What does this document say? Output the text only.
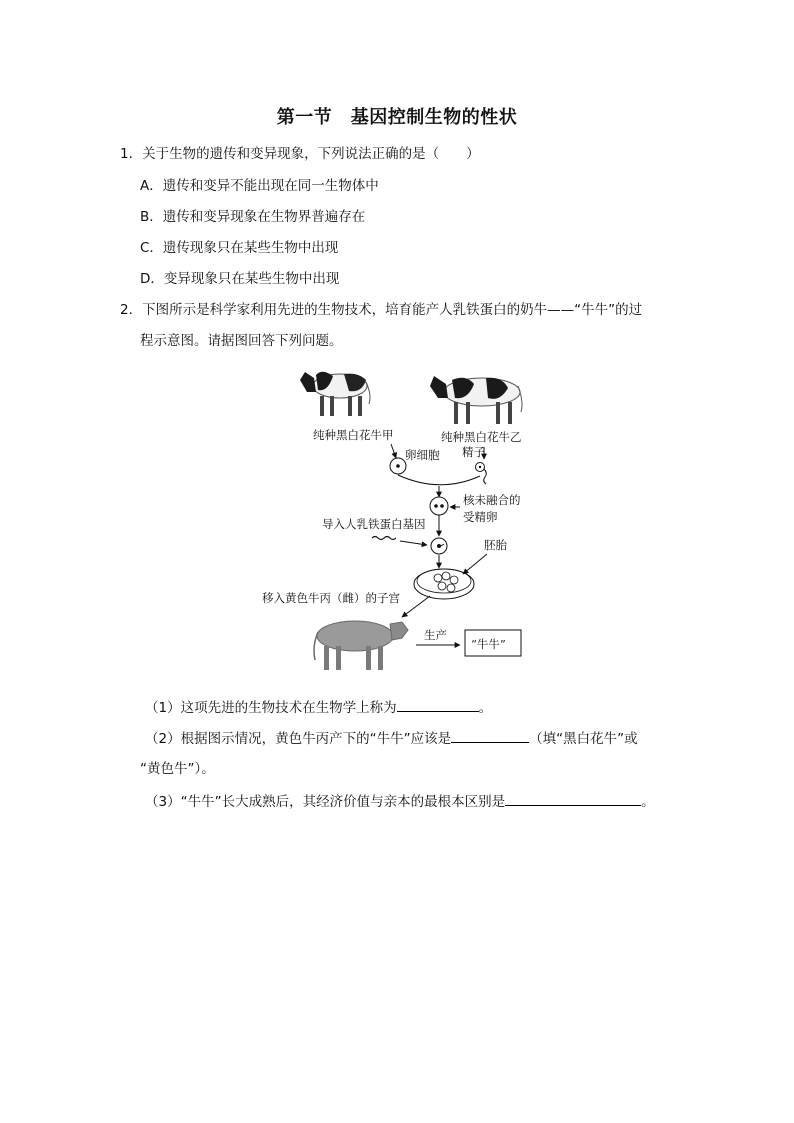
第一节　基因控制生物的性状
1．关于生物的遗传和变异现象，下列说法正确的是（　　）
A．遗传和变异不能出现在同一生物体中
B．遗传和变异现象在生物界普遍存在
C．遗传现象只在某些生物中出现
D．变异现象只在某些生物中出现
2．下图所示是科学家利用先进的生物技术，培育能产人乳铁蛋白的奶牛——“牛牛”的过
程示意图。请据图回答下列问题。
纯种黑白花牛甲	纯种黑白花牛乙
卵细胞 精子
核未融合的
受精卵
导入人乳铁蛋白基因
胚胎
移入黄色牛丙（雌）的子宫
生产
“牛牛”
（1）这项先进的生物技术在生物学上称为	。
（2）根据图示情况，黄色牛丙产下的“牛牛”应该是	（填“黑白花牛”或
“黄色牛”）。
（3）“牛牛”长大成熟后，其经济价值与亲本的最根本区别是	。
